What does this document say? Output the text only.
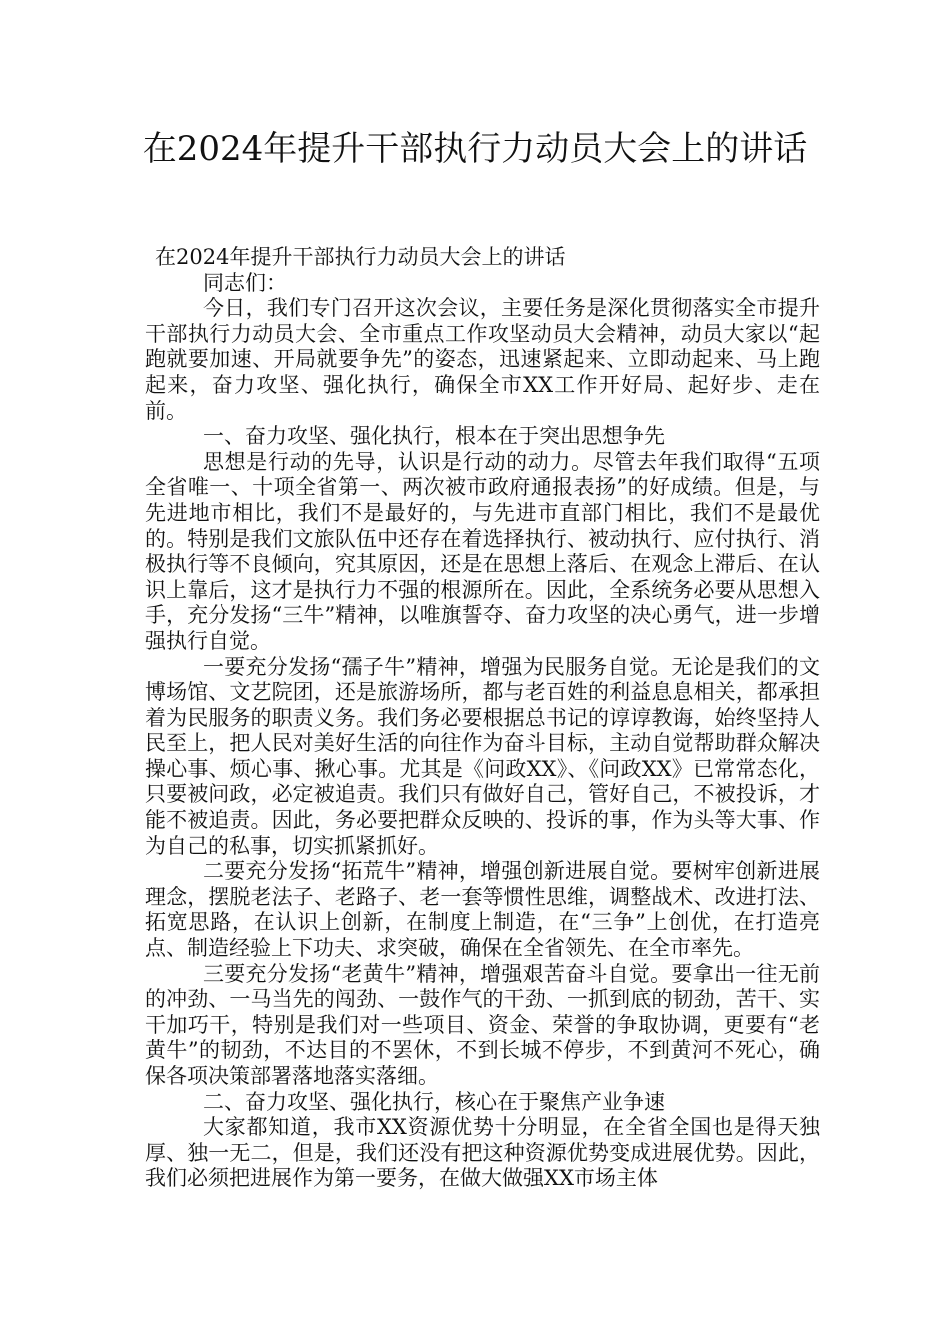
在2024年提升干部执行力动员大会上的讲话

在2024年提升干部执行力动员大会上的讲话

同志们：

今日，我们专门召开这次会议，主要任务是深化贯彻落实全市提升干部执行力动员大会、全市重点工作攻坚动员大会精神，动员大家以“起跑就要加速、开局就要争先”的姿态，迅速紧起来、立即动起来、马上跑起来，奋力攻坚、强化执行，确保全市XX工作开好局、起好步、走在前。

一、奋力攻坚、强化执行，根本在于突出思想争先

思想是行动的先导，认识是行动的动力。尽管去年我们取得“五项全省唯一、十项全省第一、两次被市政府通报表扬”的好成绩。但是，与先进地市相比，我们不是最好的，与先进市直部门相比，我们不是最优的。特别是我们文旅队伍中还存在着选择执行、被动执行、应付执行、消极执行等不良倾向，究其原因，还是在思想上落后、在观念上滞后、在认识上靠后，这才是执行力不强的根源所在。因此，全系统务必要从思想入手，充分发扬“三牛”精神，以唯旗誓夺、奋力攻坚的决心勇气，进一步增强执行自觉。

一要充分发扬“孺子牛”精神，增强为民服务自觉。无论是我们的文博场馆、文艺院团，还是旅游场所，都与老百姓的利益息息相关，都承担着为民服务的职责义务。我们务必要根据总书记的谆谆教诲，始终坚持人民至上，把人民对美好生活的向往作为奋斗目标，主动自觉帮助群众解决操心事、烦心事、揪心事。尤其是《问政XX》、《问政XX》已常常态化，只要被问政，必定被追责。我们只有做好自己，管好自己，不被投诉，才能不被追责。因此，务必要把群众反映的、投诉的事，作为头等大事、作为自己的私事，切实抓紧抓好。

二要充分发扬“拓荒牛”精神，增强创新进展自觉。要树牢创新进展理念，摆脱老法子、老路子、老一套等惯性思维，调整战术、改进打法、拓宽思路，在认识上创新，在制度上制造，在“三争”上创优，在打造亮点、制造经验上下功夫、求突破，确保在全省领先、在全市率先。

三要充分发扬“老黄牛”精神，增强艰苦奋斗自觉。要拿出一往无前的冲劲、一马当先的闯劲、一鼓作气的干劲、一抓到底的韧劲，苦干、实干加巧干，特别是我们对一些项目、资金、荣誉的争取协调，更要有“老黄牛”的韧劲，不达目的不罢休，不到长城不停步，不到黄河不死心，确保各项决策部署落地落实落细。

二、奋力攻坚、强化执行，核心在于聚焦产业争速

大家都知道，我市XX资源优势十分明显，在全省全国也是得天独厚、独一无二，但是，我们还没有把这种资源优势变成进展优势。因此，我们必须把进展作为第一要务，在做大做强XX市场主体
